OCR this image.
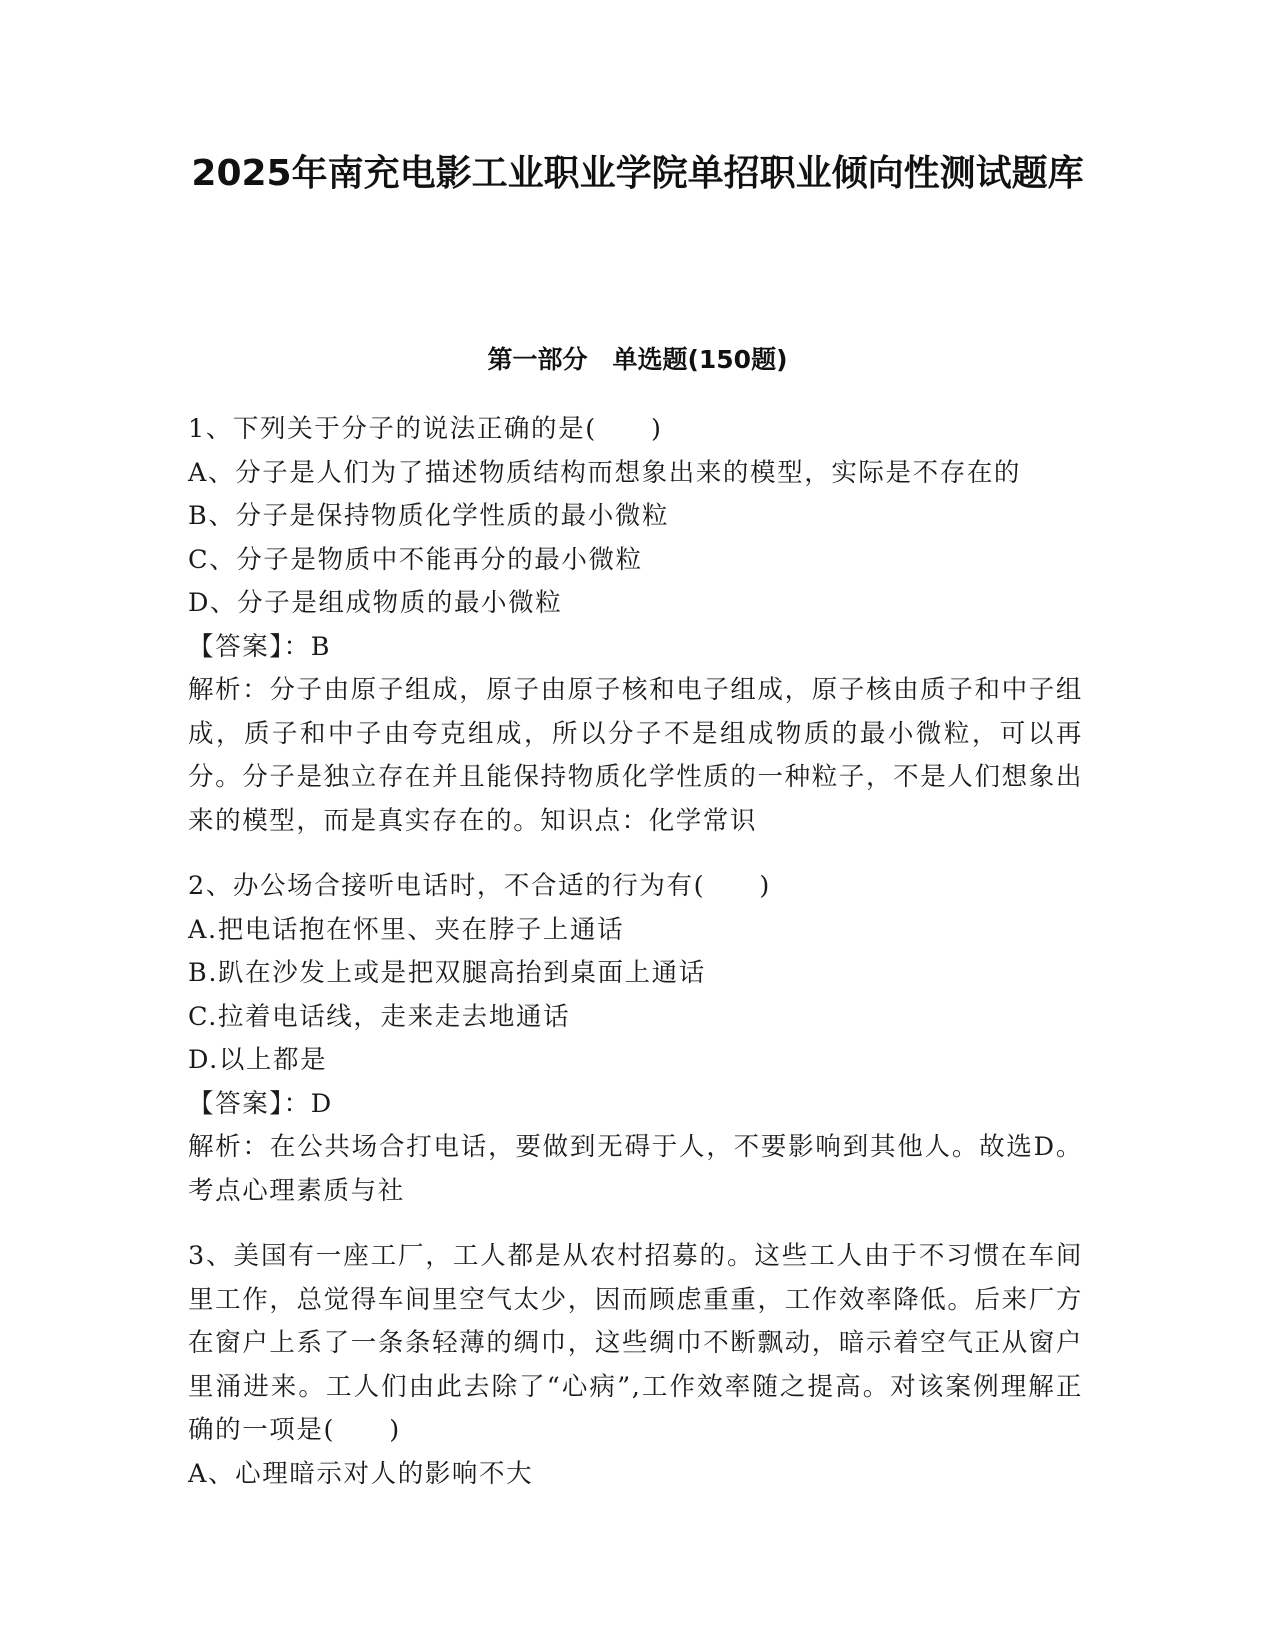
2025年南充电影工业职业学院单招职业倾向性测试题库
第一部分　单选题(150题)
1、下列关于分子的说法正确的是(　　)
A、分子是人们为了描述物质结构而想象出来的模型，实际是不存在的
B、分子是保持物质化学性质的最小微粒
C、分子是物质中不能再分的最小微粒
D、分子是组成物质的最小微粒
【答案】：B
解析：分子由原子组成，原子由原子核和电子组成，原子核由质子和中子组成，质子和中子由夸克组成，所以分子不是组成物质的最小微粒，可以再分。分子是独立存在并且能保持物质化学性质的一种粒子，不是人们想象出来的模型，而是真实存在的。知识点：化学常识
2、办公场合接听电话时，不合适的行为有(　　)
A.把电话抱在怀里、夹在脖子上通话
B.趴在沙发上或是把双腿高抬到桌面上通话
C.拉着电话线，走来走去地通话
D.以上都是
【答案】：D
解析：在公共场合打电话，要做到无碍于人，不要影响到其他人。故选D。考点心理素质与社
3、美国有一座工厂，工人都是从农村招募的。这些工人由于不习惯在车间里工作，总觉得车间里空气太少，因而顾虑重重，工作效率降低。后来厂方在窗户上系了一条条轻薄的绸巾，这些绸巾不断飘动，暗示着空气正从窗户里涌进来。工人们由此去除了“心病”,工作效率随之提高。对该案例理解正确的一项是(　　)
A、心理暗示对人的影响不大
